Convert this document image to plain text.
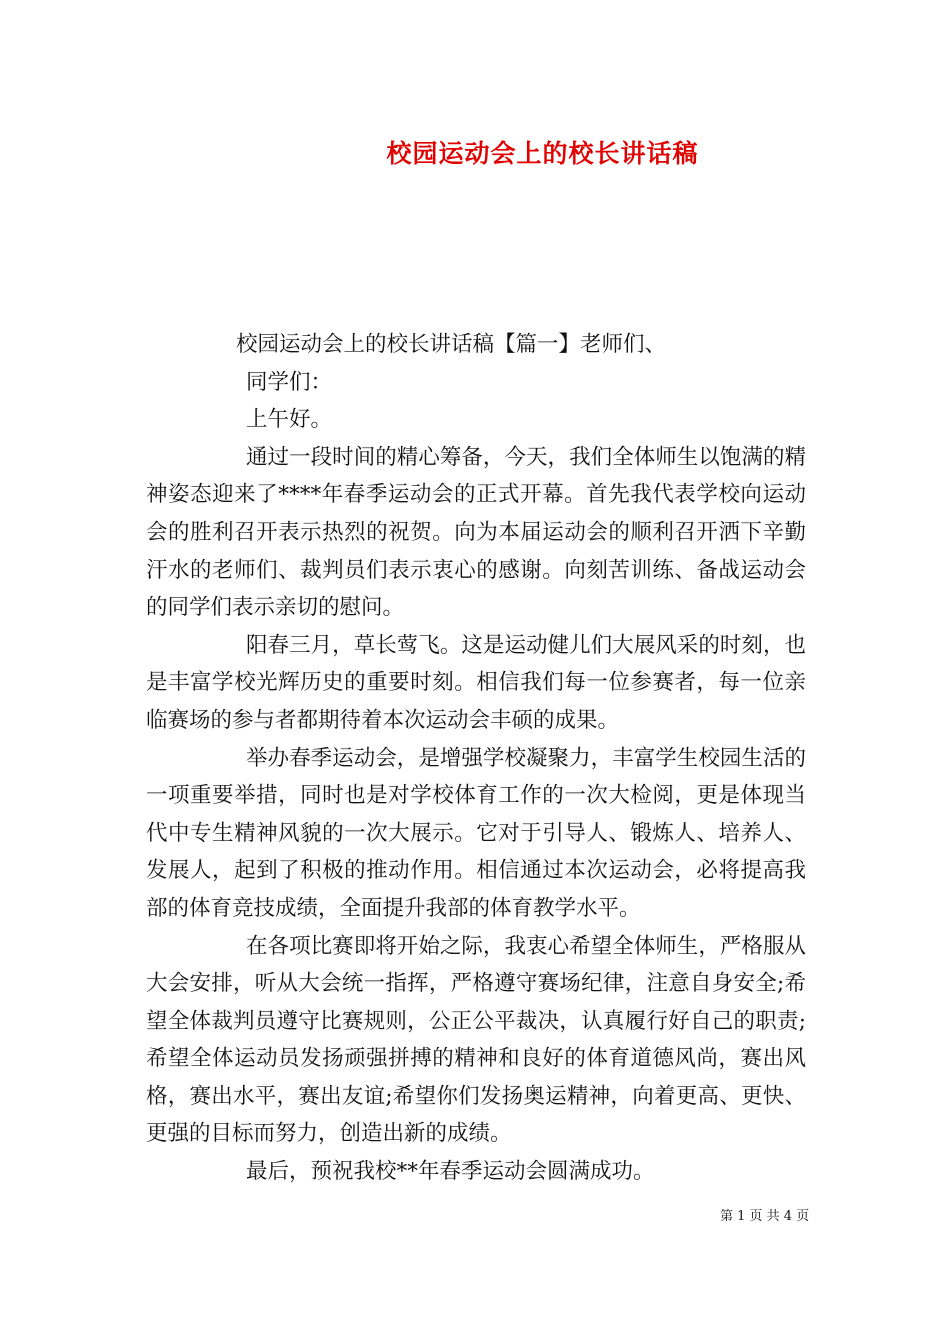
校园运动会上的校长讲话稿

校园运动会上的校长讲话稿【篇一】老师们、

同学们：

上午好。

通过一段时间的精心筹备，今天，我们全体师生以饱满的精神姿态迎来了****年春季运动会的正式开幕。首先我代表学校向运动会的胜利召开表示热烈的祝贺。向为本届运动会的顺利召开洒下辛勤汗水的老师们、裁判员们表示衷心的感谢。向刻苦训练、备战运动会的同学们表示亲切的慰问。

阳春三月，草长莺飞。这是运动健儿们大展风采的时刻，也是丰富学校光辉历史的重要时刻。相信我们每一位参赛者，每一位亲临赛场的参与者都期待着本次运动会丰硕的成果。

举办春季运动会，是增强学校凝聚力，丰富学生校园生活的一项重要举措，同时也是对学校体育工作的一次大检阅，更是体现当代中专生精神风貌的一次大展示。它对于引导人、锻炼人、培养人、发展人，起到了积极的推动作用。相信通过本次运动会，必将提高我部的体育竞技成绩，全面提升我部的体育教学水平。

在各项比赛即将开始之际，我衷心希望全体师生，严格服从大会安排，听从大会统一指挥，严格遵守赛场纪律，注意自身安全;希望全体裁判员遵守比赛规则，公正公平裁决，认真履行好自己的职责;希望全体运动员发扬顽强拼搏的精神和良好的体育道德风尚，赛出风格，赛出水平，赛出友谊;希望你们发扬奥运精神，向着更高、更快、更强的目标而努力，创造出新的成绩。

最后，预祝我校**年春季运动会圆满成功。

第 1 页 共 4 页
